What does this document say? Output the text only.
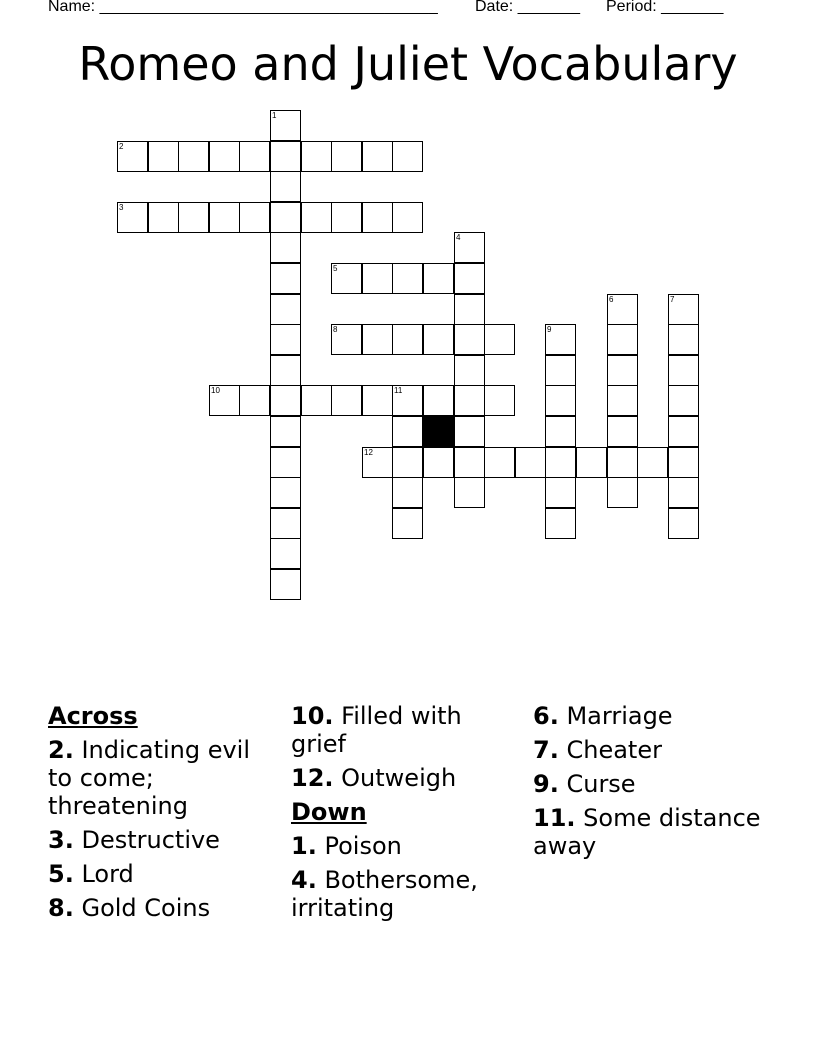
Name: ______________________________________

Date: _______

Period: _______

Romeo and Juliet Vocabulary
1
2
3
4
5
6	7
8	9
10	11
12
Across
2. Indicating evil to come; threatening
3. Destructive
5. Lord
8. Gold Coins
10. Filled with grief
12. Outweigh
Down
1. Poison
4. Bothersome, irritating
6. Marriage
7. Cheater
9. Curse
11. Some distance away
